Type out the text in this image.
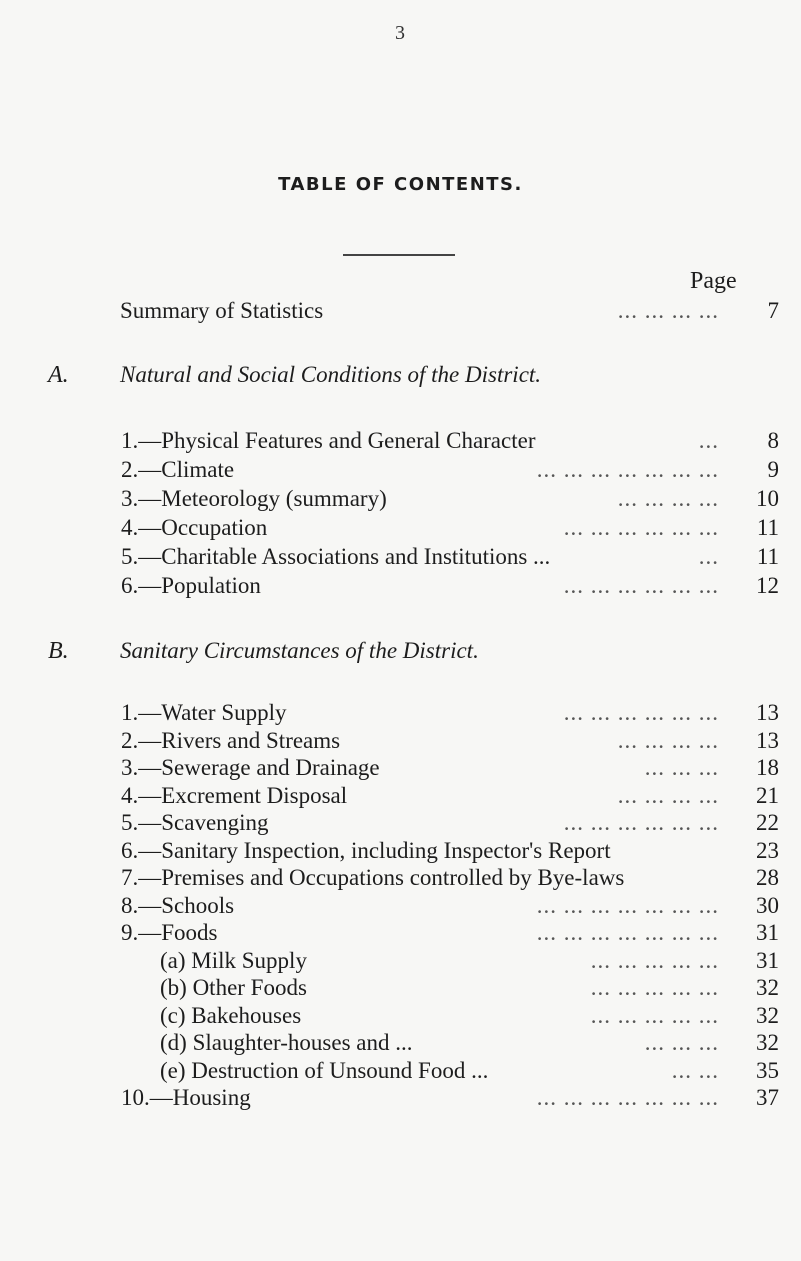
3
TABLE OF CONTENTS.
Page
Summary of Statistics	... ... ... ...	7
A. Natural and Social Conditions of the District.
1.—Physical Features and General Character	...	8
2.—Climate	... ... ... ... ... ... ...	9
3.—Meteorology (summary)	... ... ... ...	10
4.—Occupation	... ... ... ... ... ...	11
5.—Charitable Associations and Institutions ...	...	11
6.—Population	... ... ... ... ... ...	12
B. Sanitary Circumstances of the District.
1.—Water Supply	... ... ... ... ... ...	13
2.—Rivers and Streams	... ... ... ...	13
3.—Sewerage and Drainage	... ... ...	18
4.—Excrement Disposal	... ... ... ...	21
5.—Scavenging	... ... ... ... ... ...	22
6.—Sanitary Inspection, including Inspector's Report	23
7.—Premises and Occupations controlled by Bye-laws	28
8.—Schools	... ... ... ... ... ... ...	30
9.—Foods	... ... ... ... ... ... ...	31
(a) Milk Supply	... ... ... ... ...	31
(b) Other Foods	... ... ... ... ...	32
(c) Bakehouses	... ... ... ... ...	32
(d) Slaughter-houses and ...	... ... ...	32
(e) Destruction of Unsound Food ...	... ...	35
10.—Housing	... ... ... ... ... ... ...	37
